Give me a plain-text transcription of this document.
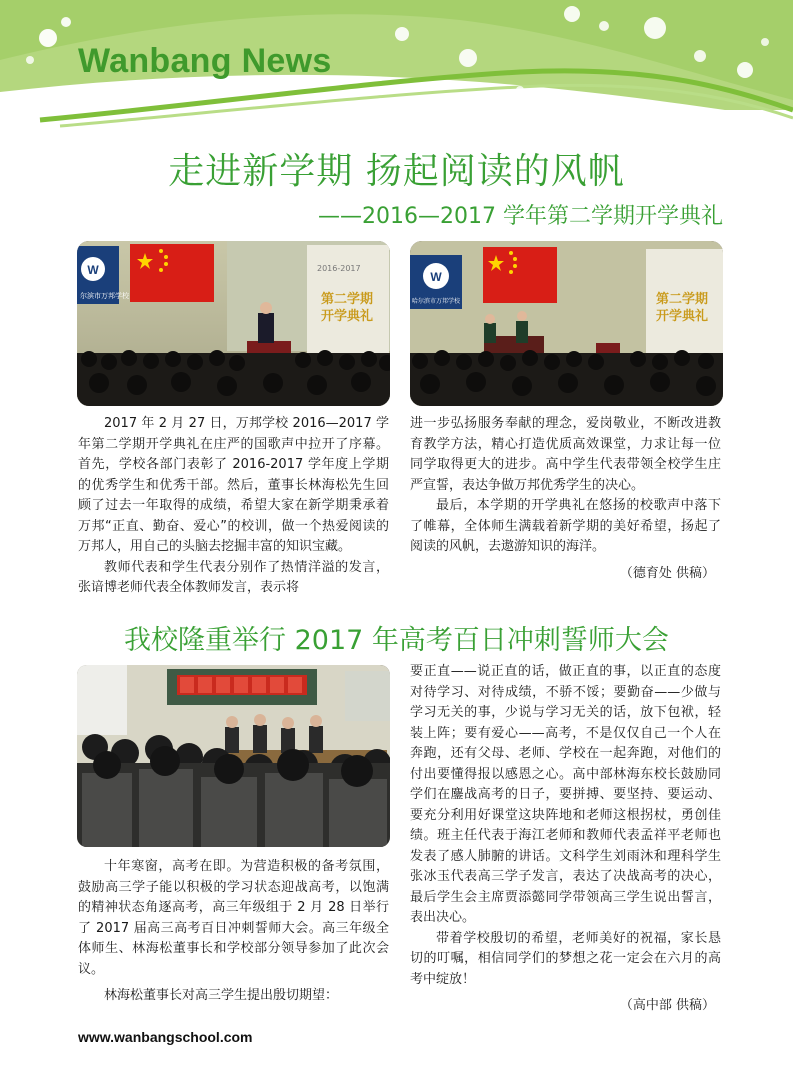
Wanbang News
走进新学期 扬起阅读的风帆
——2016—2017 学年第二学期开学典礼
W
尔滨市万邦学校
2016-2017
第二学期
开学典礼
W
哈尔滨市万邦学校	第二学期
开学典礼

2017 年 2 月 27 日，万邦学校 2016—2017 学年第二学期开学典礼在庄严的国歌声中拉开了序幕。首先，学校各部门表彰了 2016-2017 学年度上学期的优秀学生和优秀干部。然后，董事长林海松先生回顾了过去一年取得的成绩，希望大家在新学期秉承着万邦“正直、勤奋、爱心”的校训，做一个热爱阅读的万邦人，用自己的头脑去挖掘丰富的知识宝藏。

教师代表和学生代表分别作了热情洋溢的发言，张谙博老师代表全体教师发言，表示将

进一步弘扬服务奉献的理念，爱岗敬业，不断改进教育教学方法，精心打造优质高效课堂，力求让每一位同学取得更大的进步。高中学生代表带领全校学生庄严宣誓，表达争做万邦优秀学生的决心。

最后，本学期的开学典礼在悠扬的校歌声中落下了帷幕，全体师生满载着新学期的美好希望，扬起了阅读的风帆，去遨游知识的海洋。

（德育处 供稿）

我校隆重举行 2017 年高考百日冲刺誓师大会

十年寒窗，高考在即。为营造积极的备考氛围，鼓励高三学子能以积极的学习状态迎战高考，以饱满的精神状态角逐高考，高三年级组于 2 月 28 日举行了 2017 届高三高考百日冲刺誓师大会。高三年级全体师生、林海松董事长和学校部分领导参加了此次会议。

林海松董事长对高三学生提出殷切期望：

要正直——说正直的话，做正直的事，以正直的态度对待学习、对待成绩，不骄不馁；要勤奋——少做与学习无关的事，少说与学习无关的话，放下包袱，轻装上阵；要有爱心——高考，不是仅仅自己一个人在奔跑，还有父母、老师、学校在一起奔跑，对他们的付出要懂得报以感恩之心。高中部林海东校长鼓励同学们在鏖战高考的日子，要拼搏、要坚持、要运动、要充分利用好课堂这块阵地和老师这根拐杖，勇创佳绩。班主任代表于海江老师和教师代表孟祥平老师也发表了感人肺腑的讲话。文科学生刘雨沐和理科学生张冰玉代表高三学子发言，表达了决战高考的决心，最后学生会主席贾添懿同学带领高三学生说出誓言，表出决心。

带着学校殷切的希望，老师美好的祝福，家长恳切的叮嘱，相信同学们的梦想之花一定会在六月的高考中绽放！

（高中部 供稿）

www.wanbangschool.com
